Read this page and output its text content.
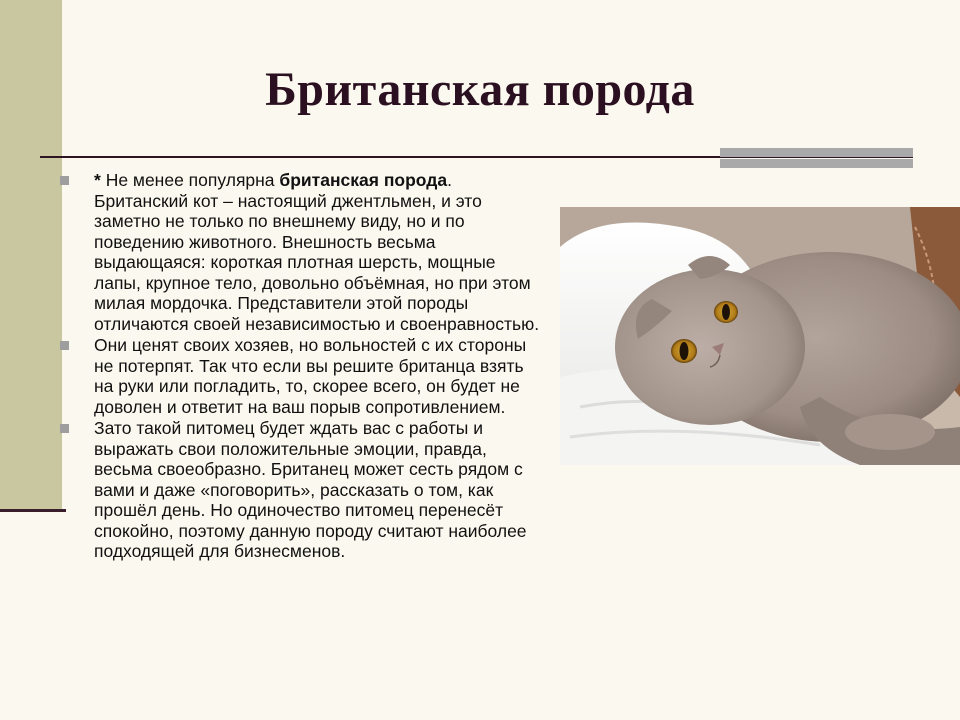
Британская порода
* Не менее популярна британская порода. Британский кот – настоящий джентльмен, и это заметно не только по внешнему виду, но и по поведению животного. Внешность весьма выдающаяся: короткая плотная шерсть, мощные лапы, крупное тело, довольно объёмная, но при этом милая мордочка. Представители этой породы отличаются своей независимостью и своенравностью.
Они ценят своих хозяев, но вольностей с их стороны не потерпят. Так что если вы решите британца взять на руки или погладить, то, скорее всего, он будет не доволен и ответит на ваш порыв сопротивлением.
Зато такой питомец будет ждать вас с работы и выражать свои положительные эмоции, правда, весьма своеобразно. Британец может сесть рядом с вами и даже «поговорить», рассказать о том, как прошёл день. Но одиночество питомец перенесёт спокойно, поэтому данную породу считают наиболее подходящей для бизнесменов.
